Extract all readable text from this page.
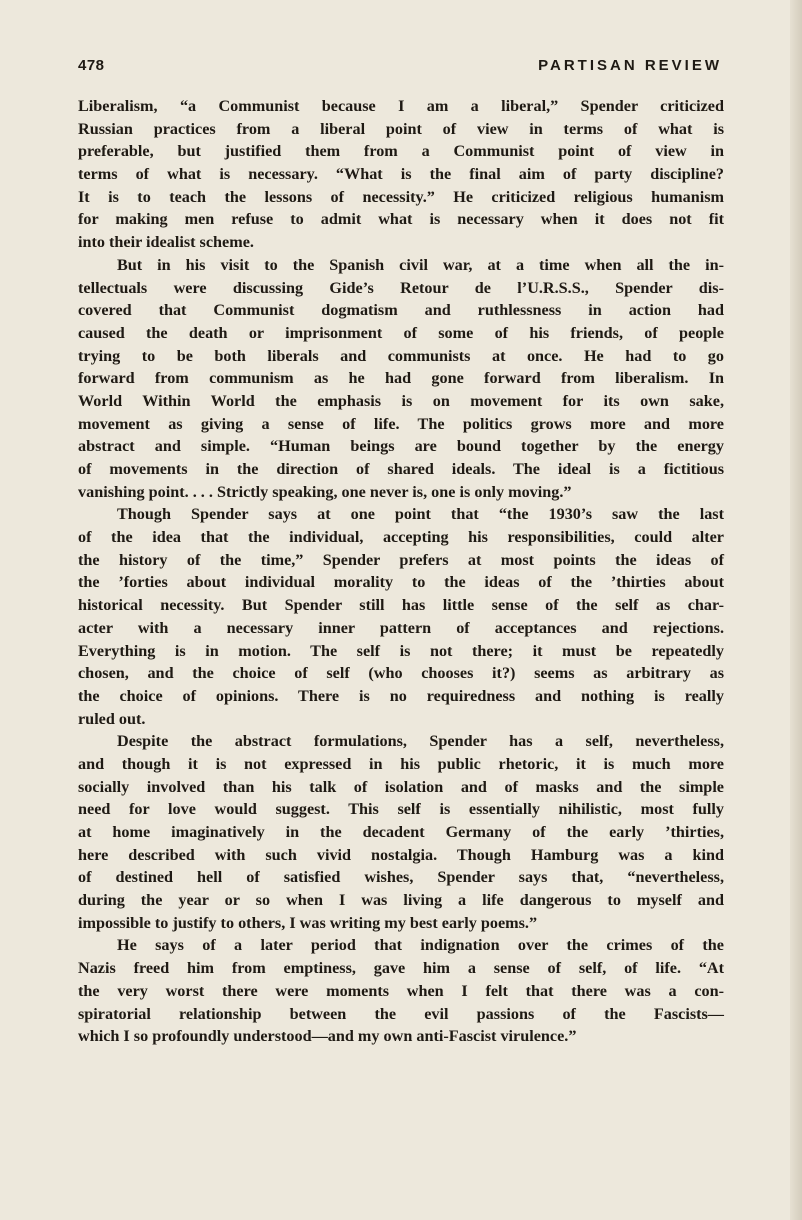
478	PARTISAN REVIEW
Liberalism, “a Communist because I am a liberal,” Spender criticized
Russian practices from a liberal point of view in terms of what is
preferable, but justified them from a Communist point of view in
terms of what is necessary. “What is the final aim of party discipline?
It is to teach the lessons of necessity.” He criticized religious humanism
for making men refuse to admit what is necessary when it does not fit
into their idealist scheme.
But in his visit to the Spanish civil war, at a time when all the in-
tellectuals were discussing Gide’s Retour de l’U.R.S.S., Spender dis-
covered that Communist dogmatism and ruthlessness in action had
caused the death or imprisonment of some of his friends, of people
trying to be both liberals and communists at once. He had to go
forward from communism as he had gone forward from liberalism. In
World Within World the emphasis is on movement for its own sake,
movement as giving a sense of life. The politics grows more and more
abstract and simple. “Human beings are bound together by the energy
of movements in the direction of shared ideals. The ideal is a fictitious
vanishing point. . . . Strictly speaking, one never is, one is only moving.”
Though Spender says at one point that “the 1930’s saw the last
of the idea that the individual, accepting his responsibilities, could alter
the history of the time,” Spender prefers at most points the ideas of
the ’forties about individual morality to the ideas of the ’thirties about
historical necessity. But Spender still has little sense of the self as char-
acter with a necessary inner pattern of acceptances and rejections.
Everything is in motion. The self is not there; it must be repeatedly
chosen, and the choice of self (who chooses it?) seems as arbitrary as
the choice of opinions. There is no requiredness and nothing is really
ruled out.
Despite the abstract formulations, Spender has a self, nevertheless,
and though it is not expressed in his public rhetoric, it is much more
socially involved than his talk of isolation and of masks and the simple
need for love would suggest. This self is essentially nihilistic, most fully
at home imaginatively in the decadent Germany of the early ’thirties,
here described with such vivid nostalgia. Though Hamburg was a kind
of destined hell of satisfied wishes, Spender says that, “nevertheless,
during the year or so when I was living a life dangerous to myself and
impossible to justify to others, I was writing my best early poems.”
He says of a later period that indignation over the crimes of the
Nazis freed him from emptiness, gave him a sense of self, of life. “At
the very worst there were moments when I felt that there was a con-
spiratorial relationship between the evil passions of the Fascists—
which I so profoundly understood—and my own anti-Fascist virulence.”
